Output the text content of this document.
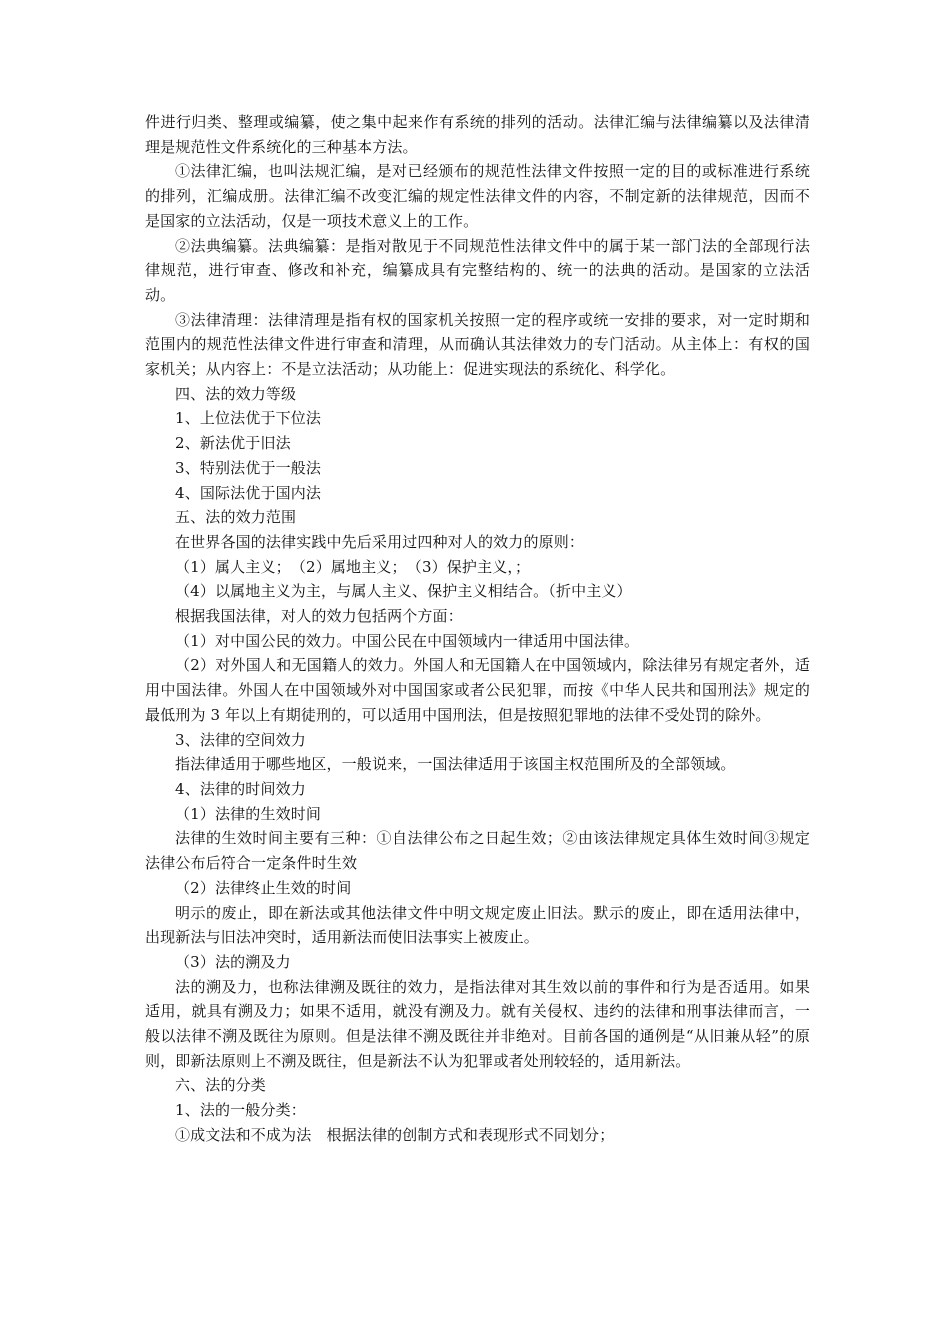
件进行归类、整理或编纂，使之集中起来作有系统的排列的活动。法律汇编与法律编纂以及法律清理是规范性文件系统化的三种基本方法。

①法律汇编，也叫法规汇编，是对已经颁布的规范性法律文件按照一定的目的或标准进行系统的排列，汇编成册。法律汇编不改变汇编的规定性法律文件的内容，不制定新的法律规范，因而不是国家的立法活动，仅是一项技术意义上的工作。

②法典编纂。法典编纂：是指对散见于不同规范性法律文件中的属于某一部门法的全部现行法律规范，进行审查、修改和补充，编纂成具有完整结构的、统一的法典的活动。是国家的立法活动。

③法律清理：法律清理是指有权的国家机关按照一定的程序或统一安排的要求，对一定时期和范围内的规范性法律文件进行审查和清理，从而确认其法律效力的专门活动。从主体上：有权的国家机关；从内容上：不是立法活动；从功能上：促进实现法的系统化、科学化。

四、法的效力等级

1、上位法优于下位法

2、新法优于旧法

3、特别法优于一般法

4、国际法优于国内法

五、法的效力范围

在世界各国的法律实践中先后采用过四种对人的效力的原则：

（1）属人主义；　（2）属地主义；　（3）保护主义，；

（4）以属地主义为主，与属人主义、保护主义相结合。（折中主义）

根据我国法律，对人的效力包括两个方面：

（1）对中国公民的效力。中国公民在中国领域内一律适用中国法律。

（2）对外国人和无国籍人的效力。外国人和无国籍人在中国领域内，除法律另有规定者外，适用中国法律。外国人在中国领域外对中国国家或者公民犯罪，而按《中华人民共和国刑法》规定的最低刑为 3 年以上有期徒刑的，可以适用中国刑法，但是按照犯罪地的法律不受处罚的除外。

3、法律的空间效力

指法律适用于哪些地区，一般说来，一国法律适用于该国主权范围所及的全部领域。

4、法律的时间效力

（1）法律的生效时间

法律的生效时间主要有三种：①自法律公布之日起生效；②由该法律规定具体生效时间③规定法律公布后符合一定条件时生效

（2）法律终止生效的时间

明示的废止，即在新法或其他法律文件中明文规定废止旧法。默示的废止，即在适用法律中，出现新法与旧法冲突时，适用新法而使旧法事实上被废止。

（3）法的溯及力

法的溯及力，也称法律溯及既往的效力，是指法律对其生效以前的事件和行为是否适用。如果适用，就具有溯及力；如果不适用，就没有溯及力。就有关侵权、违约的法律和刑事法律而言，一般以法律不溯及既往为原则。但是法律不溯及既往并非绝对。目前各国的通例是“从旧兼从轻”的原则，即新法原则上不溯及既往，但是新法不认为犯罪或者处刑较轻的，适用新法。

六、法的分类

1、法的一般分类：

①成文法和不成为法　根据法律的创制方式和表现形式不同划分；
